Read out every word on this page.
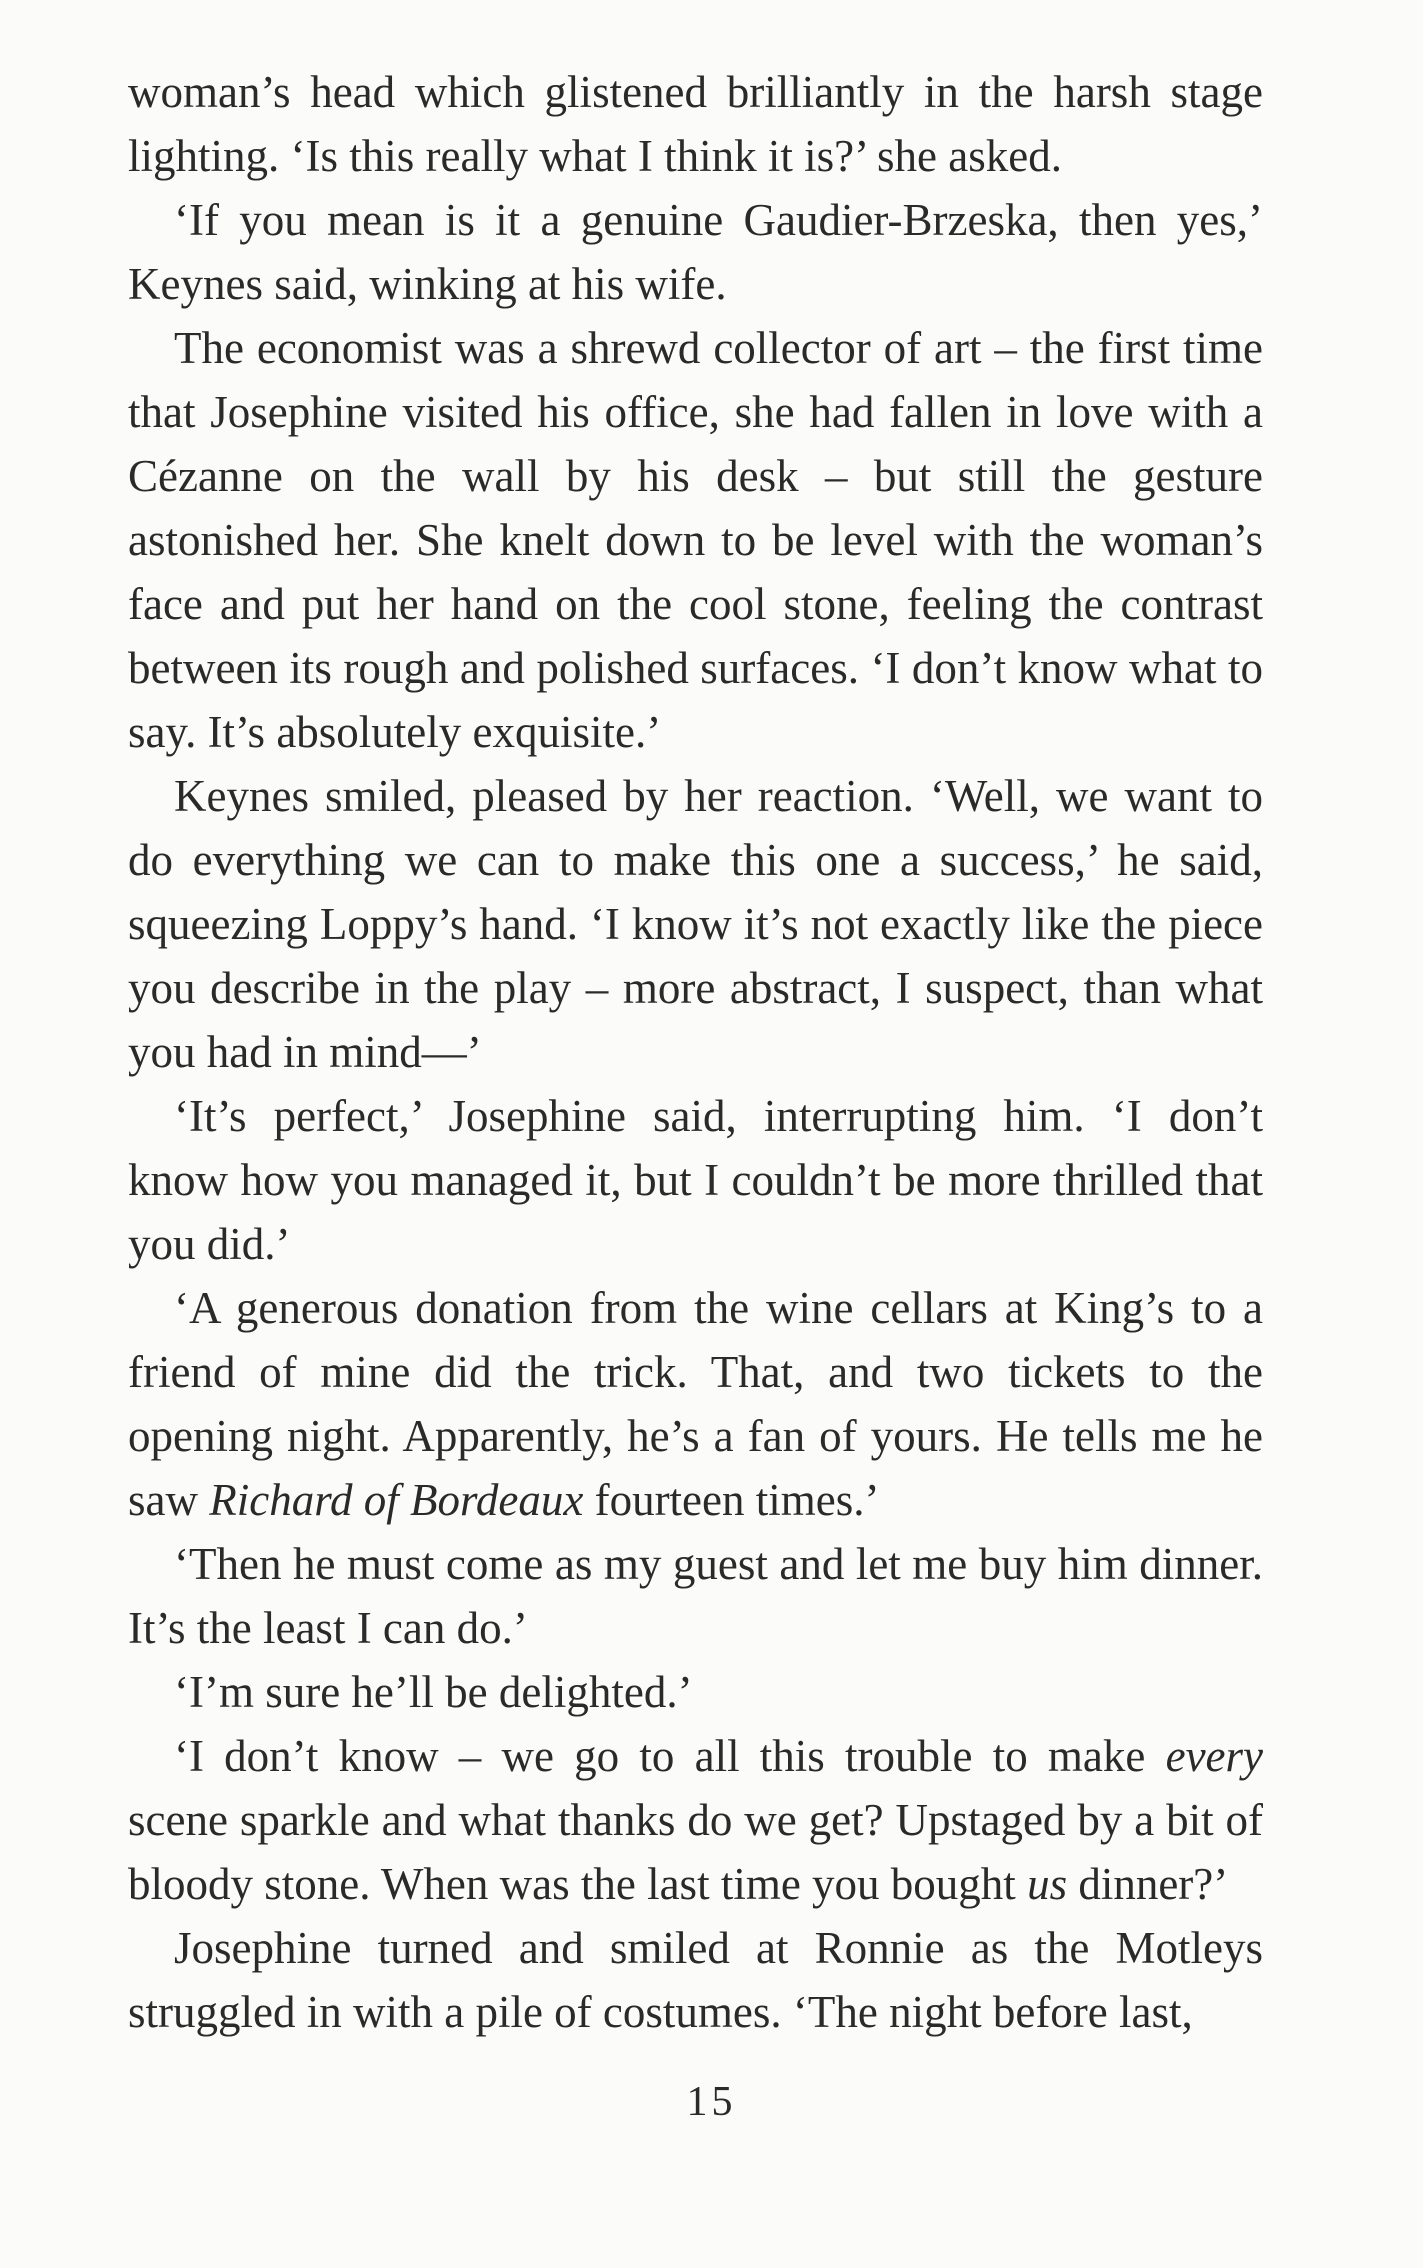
woman’s head which glistened brilliantly in the harsh stage lighting. ‘Is this really what I think it is?’ she asked.

‘If you mean is it a genuine Gaudier-Brzeska, then yes,’ Keynes said, winking at his wife.

The economist was a shrewd collector of art – the first time that Josephine visited his office, she had fallen in love with a Cézanne on the wall by his desk – but still the gesture astonished her. She knelt down to be level with the woman’s face and put her hand on the cool stone, feeling the contrast between its rough and polished surfaces. ‘I don’t know what to say. It’s absolutely exquisite.’

Keynes smiled, pleased by her reaction. ‘Well, we want to do everything we can to make this one a success,’ he said, squeezing Loppy’s hand. ‘I know it’s not exactly like the piece you describe in the play – more abstract, I suspect, than what you had in mind—’

‘It’s perfect,’ Josephine said, interrupting him. ‘I don’t know how you managed it, but I couldn’t be more thrilled that you did.’

‘A generous donation from the wine cellars at King’s to a friend of mine did the trick. That, and two tickets to the opening night. Apparently, he’s a fan of yours. He tells me he saw Richard of Bordeaux fourteen times.’

‘Then he must come as my guest and let me buy him dinner. It’s the least I can do.’

‘I’m sure he’ll be delighted.’

‘I don’t know – we go to all this trouble to make every scene sparkle and what thanks do we get? Upstaged by a bit of bloody stone. When was the last time you bought us dinner?’

Josephine turned and smiled at Ronnie as the Motleys struggled in with a pile of costumes. ‘The night before last,

15
